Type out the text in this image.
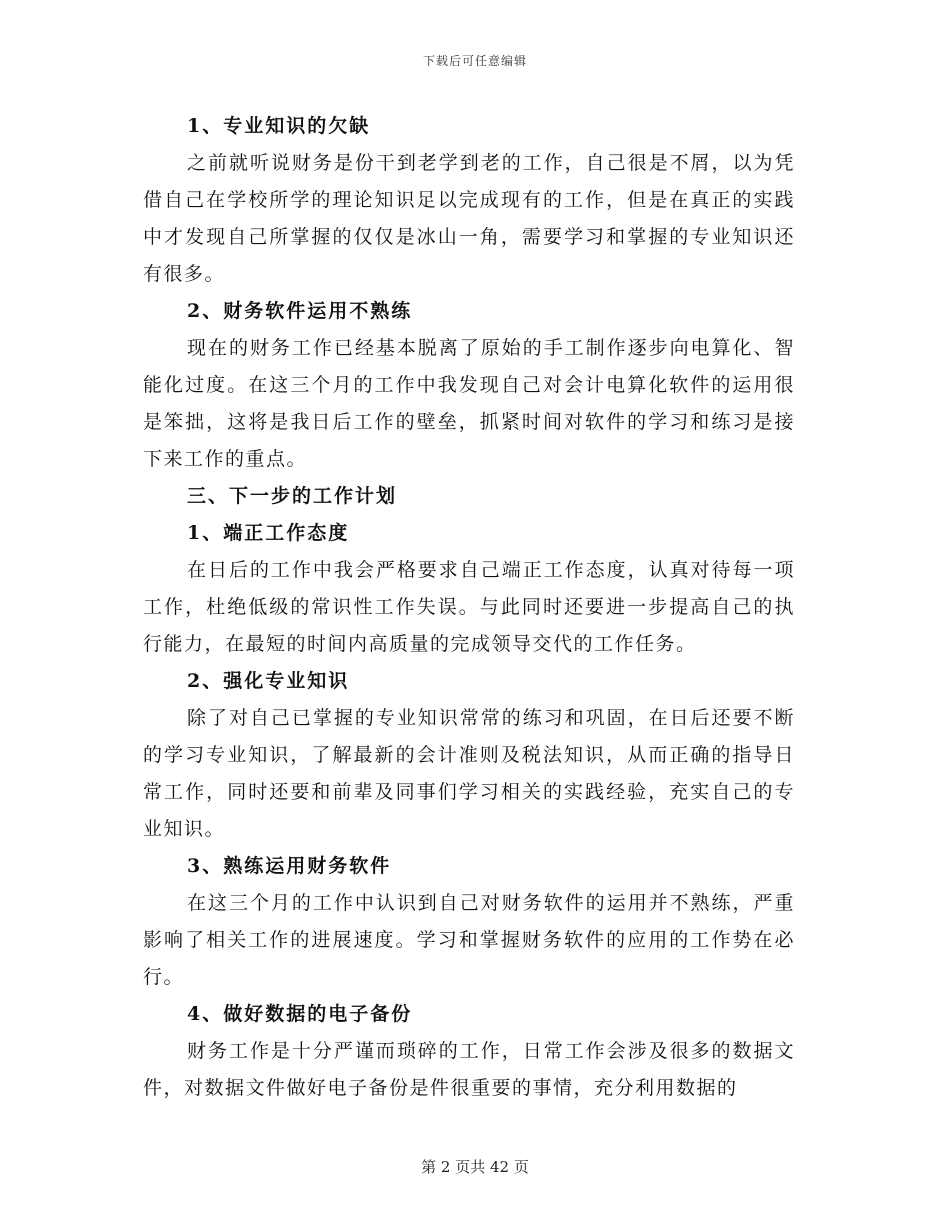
下载后可任意编辑

1、专业知识的欠缺

之前就听说财务是份干到老学到老的工作，自己很是不屑，以为凭借自己在学校所学的理论知识足以完成现有的工作，但是在真正的实践中才发现自己所掌握的仅仅是冰山一角，需要学习和掌握的专业知识还有很多。

2、财务软件运用不熟练

现在的财务工作已经基本脱离了原始的手工制作逐步向电算化、智能化过度。在这三个月的工作中我发现自己对会计电算化软件的运用很是笨拙，这将是我日后工作的壁垒，抓紧时间对软件的学习和练习是接下来工作的重点。

三、下一步的工作计划

1、端正工作态度

在日后的工作中我会严格要求自己端正工作态度，认真对待每一项工作，杜绝低级的常识性工作失误。与此同时还要进一步提高自己的执行能力，在最短的时间内高质量的完成领导交代的工作任务。

2、强化专业知识

除了对自己已掌握的专业知识常常的练习和巩固，在日后还要不断的学习专业知识，了解最新的会计准则及税法知识，从而正确的指导日常工作，同时还要和前辈及同事们学习相关的实践经验，充实自己的专业知识。

3、熟练运用财务软件

在这三个月的工作中认识到自己对财务软件的运用并不熟练，严重影响了相关工作的进展速度。学习和掌握财务软件的应用的工作势在必行。

4、做好数据的电子备份

财务工作是十分严谨而琐碎的工作，日常工作会涉及很多的数据文件，对数据文件做好电子备份是件很重要的事情，充分利用数据的

第 2 页共 42 页
